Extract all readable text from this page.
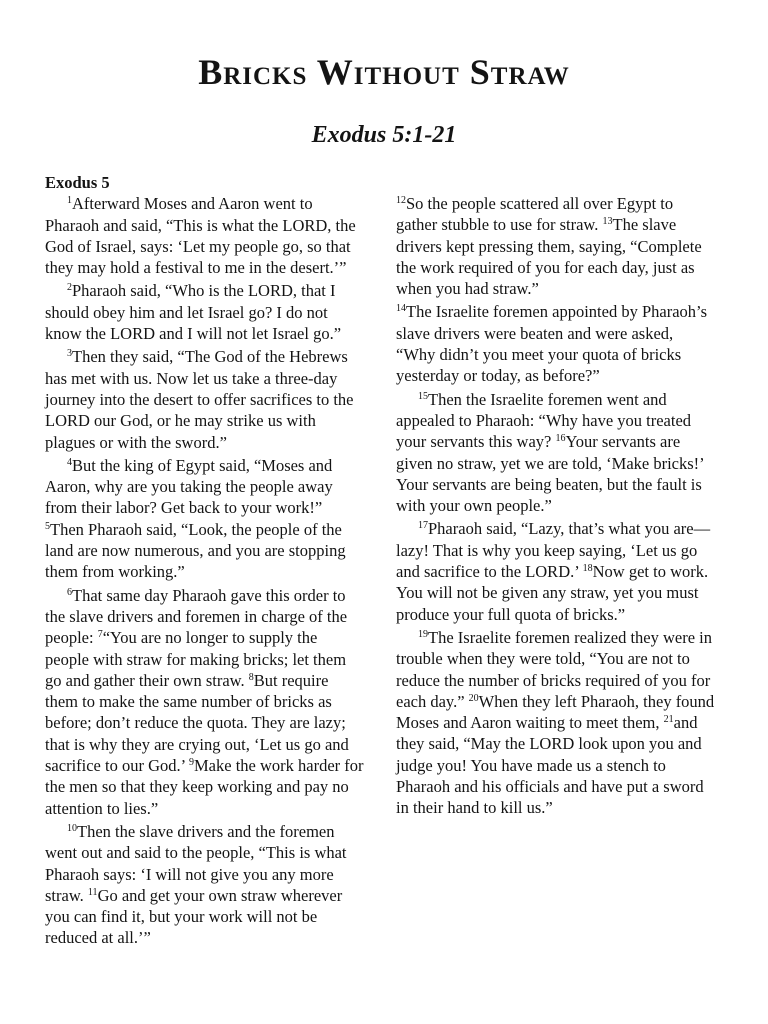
Bricks Without Straw
Exodus 5:1-21
Exodus 5

$^1$Afterward Moses and Aaron went to Pharaoh and said, “This is what the LORD, the God of Israel, says: ‘Let my people go, so that they may hold a festival to me in the desert.’”

$^2$Pharaoh said, “Who is the LORD, that I should obey him and let Israel go? I do not know the LORD and I will not let Israel go.”

$^3$Then they said, “The God of the Hebrews has met with us. Now let us take a three-day journey into the desert to offer sacrifices to the LORD our God, or he may strike us with plagues or with the sword.”

$^4$But the king of Egypt said, “Moses and Aaron, why are you taking the people away from their labor? Get back to your work!” $^5$Then Pharaoh said, “Look, the people of the land are now numerous, and you are stopping them from working.”

$^6$That same day Pharaoh gave this order to the slave drivers and foremen in charge of the people: $^7$“You are no longer to supply the people with straw for making bricks; let them go and gather their own straw. $^8$But require them to make the same number of bricks as before; don’t reduce the quota. They are lazy; that is why they are crying out, ‘Let us go and sacrifice to our God.’ $^9$Make the work harder for the men so that they keep working and pay no attention to lies.”

$^{10}$Then the slave drivers and the foremen went out and said to the people, “This is what Pharaoh says: ‘I will not give you any more straw. $^{11}$Go and get your own straw wherever you can find it, but your work will not be reduced at all.’”

$^{12}$So the people scattered all over Egypt to gather stubble to use for straw. $^{13}$The slave drivers kept pressing them, saying, “Complete the work required of you for each day, just as when you had straw.”

$^{14}$The Israelite foremen appointed by Pharaoh’s slave drivers were beaten and were asked, “Why didn’t you meet your quota of bricks yesterday or today, as before?”

$^{15}$Then the Israelite foremen went and appealed to Pharaoh: “Why have you treated your servants this way? $^{16}$Your servants are given no straw, yet we are told, ‘Make bricks!’ Your servants are being beaten, but the fault is with your own people.”

$^{17}$Pharaoh said, “Lazy, that’s what you are—lazy! That is why you keep saying, ‘Let us go and sacrifice to the LORD.’ $^{18}$Now get to work. You will not be given any straw, yet you must produce your full quota of bricks.”

$^{19}$The Israelite foremen realized they were in trouble when they were told, “You are not to reduce the number of bricks required of you for each day.” $^{20}$When they left Pharaoh, they found Moses and Aaron waiting to meet them, $^{21}$and they said, “May the LORD look upon you and judge you! You have made us a stench to Pharaoh and his officials and have put a sword in their hand to kill us.”
